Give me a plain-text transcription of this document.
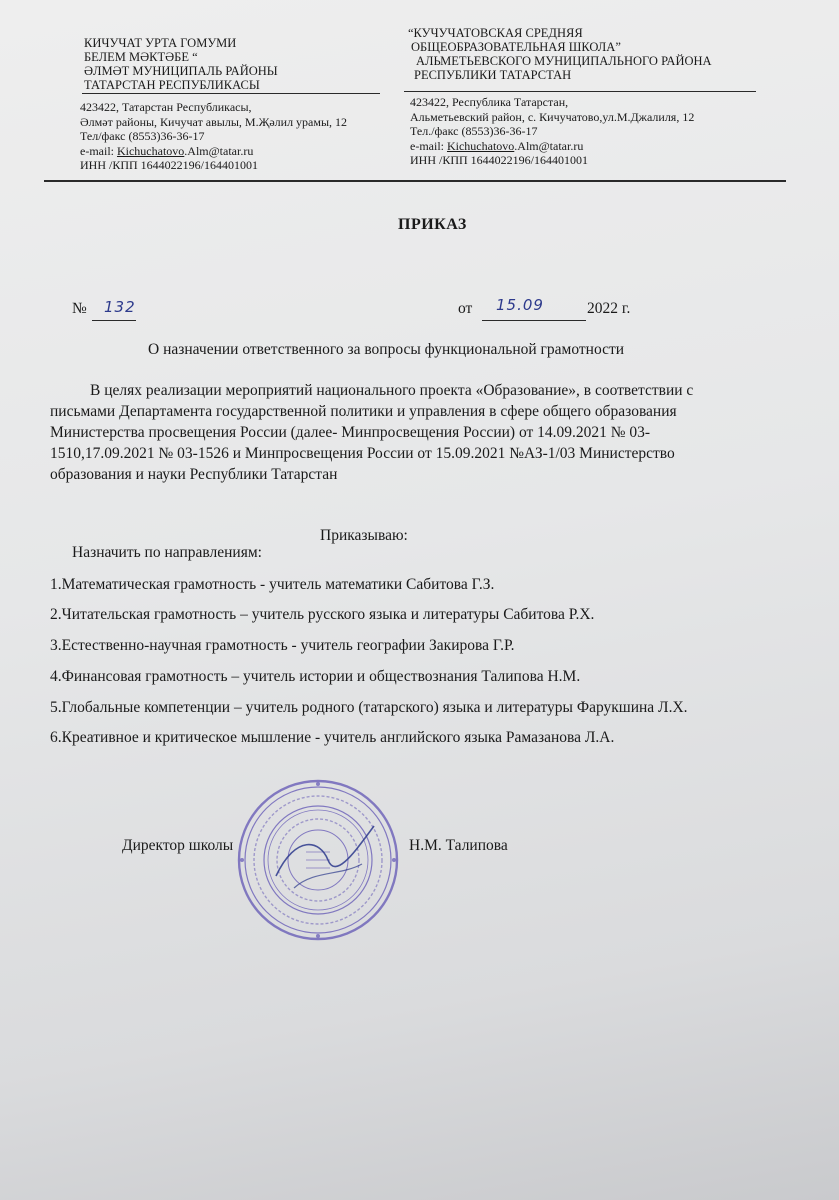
КИЧУЧАТ УРТА ГОМУМИ
БЕЛЕМ МӘКТӘБЕ “
ӘЛМӘТ МУНИЦИПАЛЬ РАЙОНЫ
ТАТАРСТАН РЕСПУБЛИКАСЫ
“КУЧУЧАТОВСКАЯ СРЕДНЯЯ
ОБЩЕОБРАЗОВАТЕЛЬНАЯ ШКОЛА”
АЛЬМЕТЬЕВСКОГО МУНИЦИПАЛЬНОГО РАЙОНА
РЕСПУБЛИКИ ТАТАРСТАН
423422, Татарстан Республикасы,
Әлмәт районы, Кичучат авылы, М.Җәлил урамы, 12
Тел/факс (8553)36-36-17
e-mail: Kichuchatovo.Alm@tatar.ru
ИНН /КПП 1644022196/164401001
423422, Республика Татарстан,
Альметьевский район, с. Кичучатово,ул.М.Джалиля, 12
Тел./факс (8553)36-36-17
e-mail: Kichuchatovo.Alm@tatar.ru
ИНН /КПП 1644022196/164401001
ПРИКАЗ
№ 132	от 15.09	2022 г.
О назначении ответственного за вопросы функциональной грамотности
В целях реализации мероприятий национального проекта «Образование», в соответствии с
письмами Департамента государственной политики и управления в сфере общего образования
Министерства просвещения России (далее- Минпросвещения России) от 14.09.2021 № 03-
1510,17.09.2021 № 03-1526 и Минпросвещения России от 15.09.2021 №АЗ-1/03 Министерство
образования и науки Республики Татарстан
Приказываю:
Назначить по направлениям:
1.Математическая грамотность - учитель математики Сабитова Г.З.
2.Читательская грамотность – учитель русского языка и литературы Сабитова Р.Х.
3.Естественно-научная грамотность - учитель географии Закирова Г.Р.
4.Финансовая грамотность – учитель истории и обществознания Талипова Н.М.
5.Глобальные компетенции – учитель родного (татарского) языка и литературы Фарукшина Л.Х.
6.Креативное и критическое мышление - учитель английского языка Рамазанова Л.А.
Директор школы	Н.М. Талипова
